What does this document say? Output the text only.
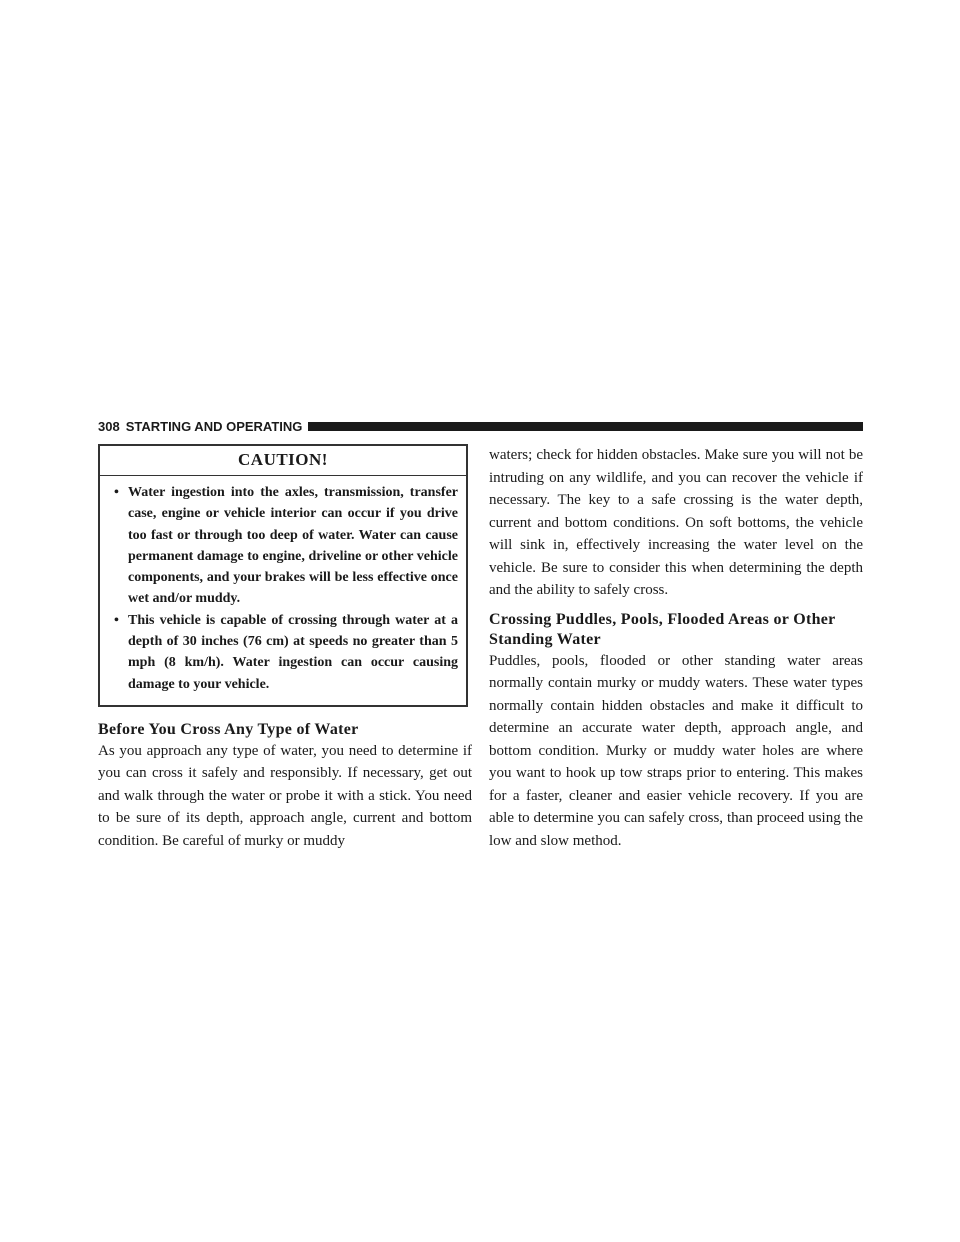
308 STARTING AND OPERATING
CAUTION!
• Water ingestion into the axles, transmission, transfer case, engine or vehicle interior can occur if you drive too fast or through too deep of water. Water can cause permanent damage to engine, driveline or other vehicle components, and your brakes will be less effective once wet and/or muddy.
• This vehicle is capable of crossing through water at a depth of 30 inches (76 cm) at speeds no greater than 5 mph (8 km/h). Water ingestion can occur causing damage to your vehicle.
Before You Cross Any Type of Water

As you approach any type of water, you need to determine if you can cross it safely and responsibly. If necessary, get out and walk through the water or probe it with a stick. You need to be sure of its depth, approach angle, current and bottom condition. Be careful of murky or muddy

waters; check for hidden obstacles. Make sure you will not be intruding on any wildlife, and you can recover the vehicle if necessary. The key to a safe crossing is the water depth, current and bottom conditions. On soft bottoms, the vehicle will sink in, effectively increasing the water level on the vehicle. Be sure to consider this when determining the depth and the ability to safely cross.

Crossing Puddles, Pools, Flooded Areas or Other Standing Water

Puddles, pools, flooded or other standing water areas normally contain murky or muddy waters. These water types normally contain hidden obstacles and make it difficult to determine an accurate water depth, approach angle, and bottom condition. Murky or muddy water holes are where you want to hook up tow straps prior to entering. This makes for a faster, cleaner and easier vehicle recovery. If you are able to determine you can safely cross, than proceed using the low and slow method.
